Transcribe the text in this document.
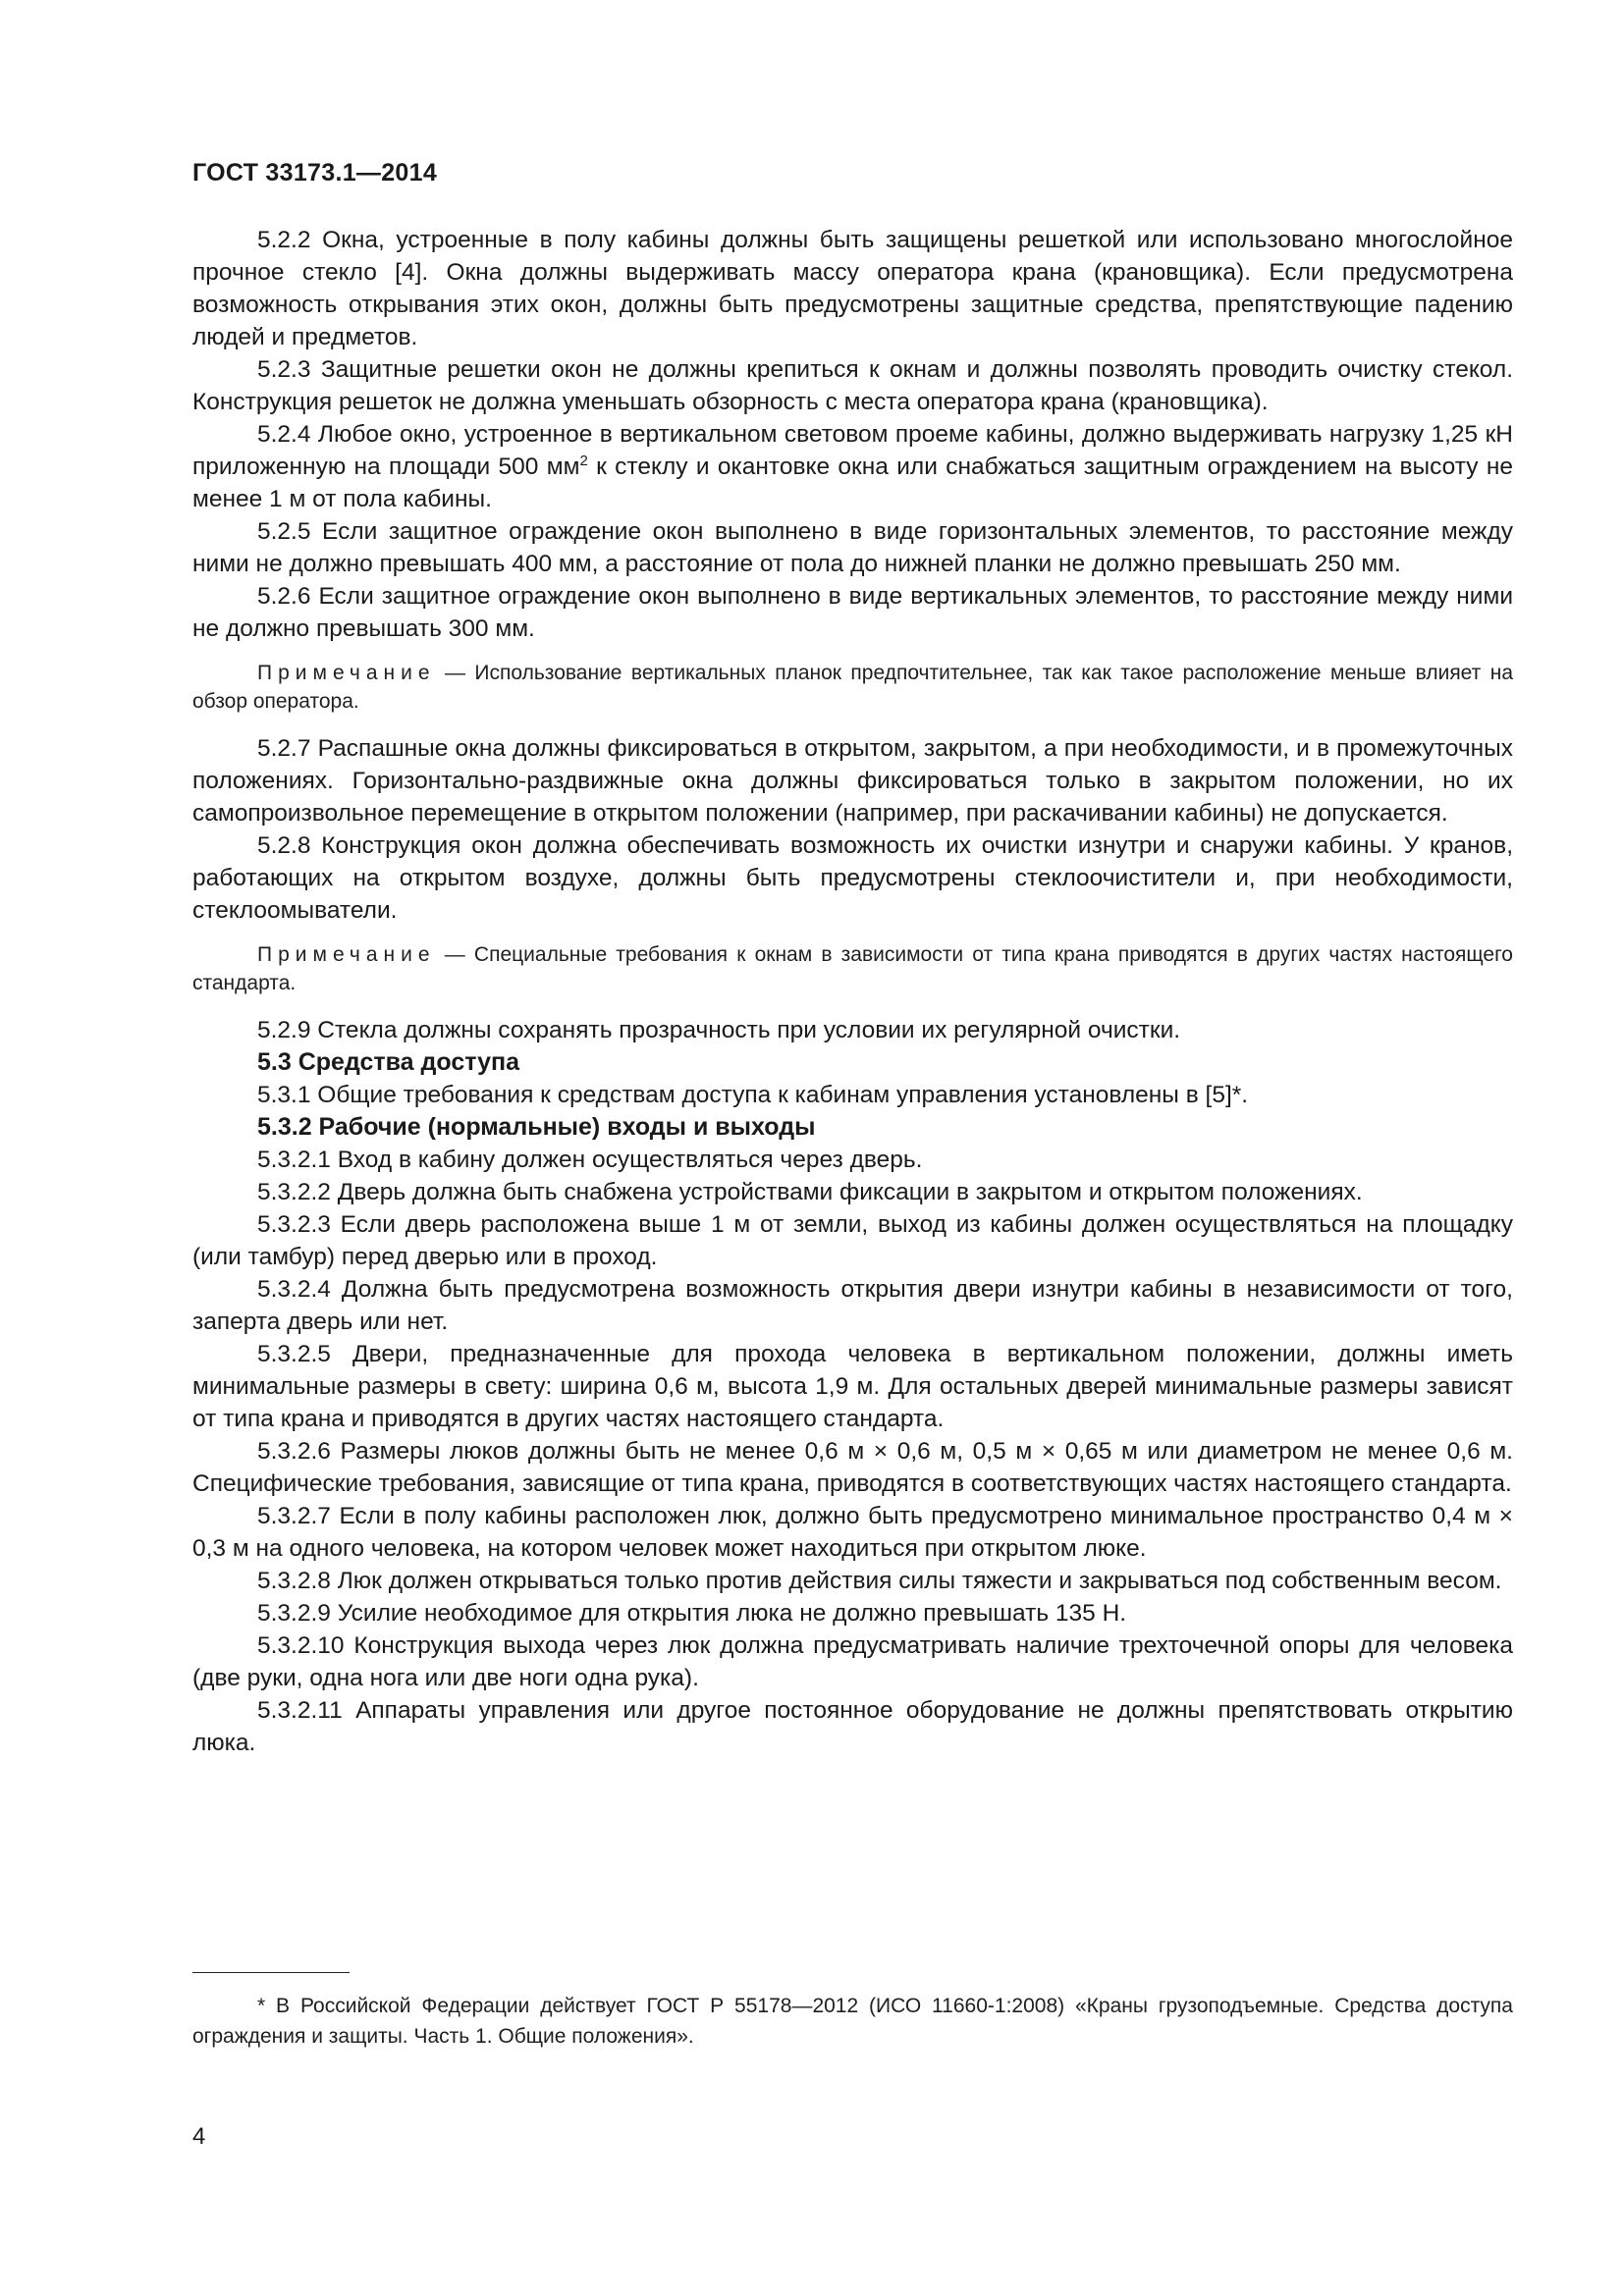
ГОСТ 33173.1—2014

5.2.2 Окна, устроенные в полу кабины должны быть защищены решеткой или использовано многослойное прочное стекло [4]. Окна должны выдерживать массу оператора крана (крановщика). Если предусмотрена возможность открывания этих окон, должны быть предусмотрены защитные средства, препятствующие падению людей и предметов.

5.2.3 Защитные решетки окон не должны крепиться к окнам и должны позволять проводить очистку стекол. Конструкция решеток не должна уменьшать обзорность с места оператора крана (крановщика).

5.2.4 Любое окно, устроенное в вертикальном световом проеме кабины, должно выдерживать нагрузку 1,25 кН приложенную на площади 500 $мм^2$ к стеклу и окантовке окна или снабжаться защитным ограждением на высоту не менее 1 м от пола кабины.

5.2.5 Если защитное ограждение окон выполнено в виде горизонтальных элементов, то расстояние между ними не должно превышать 400 мм, а расстояние от пола до нижней планки не должно превышать 250 мм.

5.2.6 Если защитное ограждение окон выполнено в виде вертикальных элементов, то расстояние между ними не должно превышать 300 мм.

Примечание — Использование вертикальных планок предпочтительнее, так как такое расположение меньше влияет на обзор оператора.

5.2.7 Распашные окна должны фиксироваться в открытом, закрытом, а при необходимости, и в промежуточных положениях. Горизонтально-раздвижные окна должны фиксироваться только в закрытом положении, но их самопроизвольное перемещение в открытом положении (например, при раскачивании кабины) не допускается.

5.2.8 Конструкция окон должна обеспечивать возможность их очистки изнутри и снаружи кабины. У кранов, работающих на открытом воздухе, должны быть предусмотрены стеклоочистители и, при необходимости, стеклоомыватели.

Примечание — Специальные требования к окнам в зависимости от типа крана приводятся в других частях настоящего стандарта.

5.2.9 Стекла должны сохранять прозрачность при условии их регулярной очистки.

5.3 Средства доступа

5.3.1 Общие требования к средствам доступа к кабинам управления установлены в [5]*.

5.3.2 Рабочие (нормальные) входы и выходы

5.3.2.1 Вход в кабину должен осуществляться через дверь.

5.3.2.2 Дверь должна быть снабжена устройствами фиксации в закрытом и открытом положениях.

5.3.2.3 Если дверь расположена выше 1 м от земли, выход из кабины должен осуществляться на площадку (или тамбур) перед дверью или в проход.

5.3.2.4 Должна быть предусмотрена возможность открытия двери изнутри кабины в независимости от того, заперта дверь или нет.

5.3.2.5 Двери, предназначенные для прохода человека в вертикальном положении, должны иметь минимальные размеры в свету: ширина 0,6 м, высота 1,9 м. Для остальных дверей минимальные размеры зависят от типа крана и приводятся в других частях настоящего стандарта.

5.3.2.6 Размеры люков должны быть не менее 0,6 м × 0,6 м, 0,5 м × 0,65 м или диаметром не менее 0,6 м. Специфические требования, зависящие от типа крана, приводятся в соответствующих частях настоящего стандарта.

5.3.2.7 Если в полу кабины расположен люк, должно быть предусмотрено минимальное пространство 0,4 м × 0,3 м на одного человека, на котором человек может находиться при открытом люке.

5.3.2.8 Люк должен открываться только против действия силы тяжести и закрываться под собственным весом.

5.3.2.9 Усилие необходимое для открытия люка не должно превышать 135 Н.

5.3.2.10 Конструкция выхода через люк должна предусматривать наличие трехточечной опоры для человека (две руки, одна нога или две ноги одна рука).

5.3.2.11 Аппараты управления или другое постоянное оборудование не должны препятствовать открытию люка.

* В Российской Федерации действует ГОСТ Р 55178—2012 (ИСО 11660-1:2008) «Краны грузоподъемные. Средства доступа ограждения и защиты. Часть 1. Общие положения».
4
